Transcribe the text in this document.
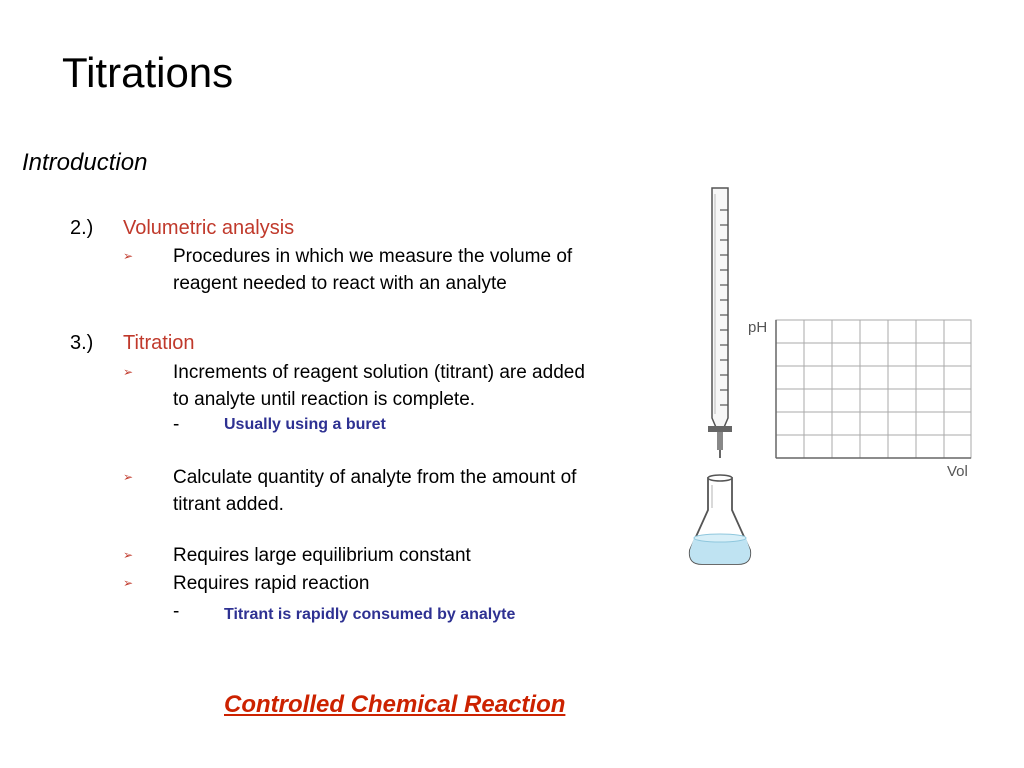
Titrations
Introduction
2.) Volumetric analysis
➢ Procedures in which we measure the volume of
reagent needed to react with an analyte
3.) Titration
➢ Increments of reagent solution (titrant) are added
to analyte until reaction is complete.
-	Usually using a buret
➢ Calculate quantity of analyte from the amount of
titrant added.
➢ Requires large equilibrium constant
➢ Requires rapid reaction
-	Titrant is rapidly consumed by analyte
Controlled Chemical Reaction
pH
Vol
